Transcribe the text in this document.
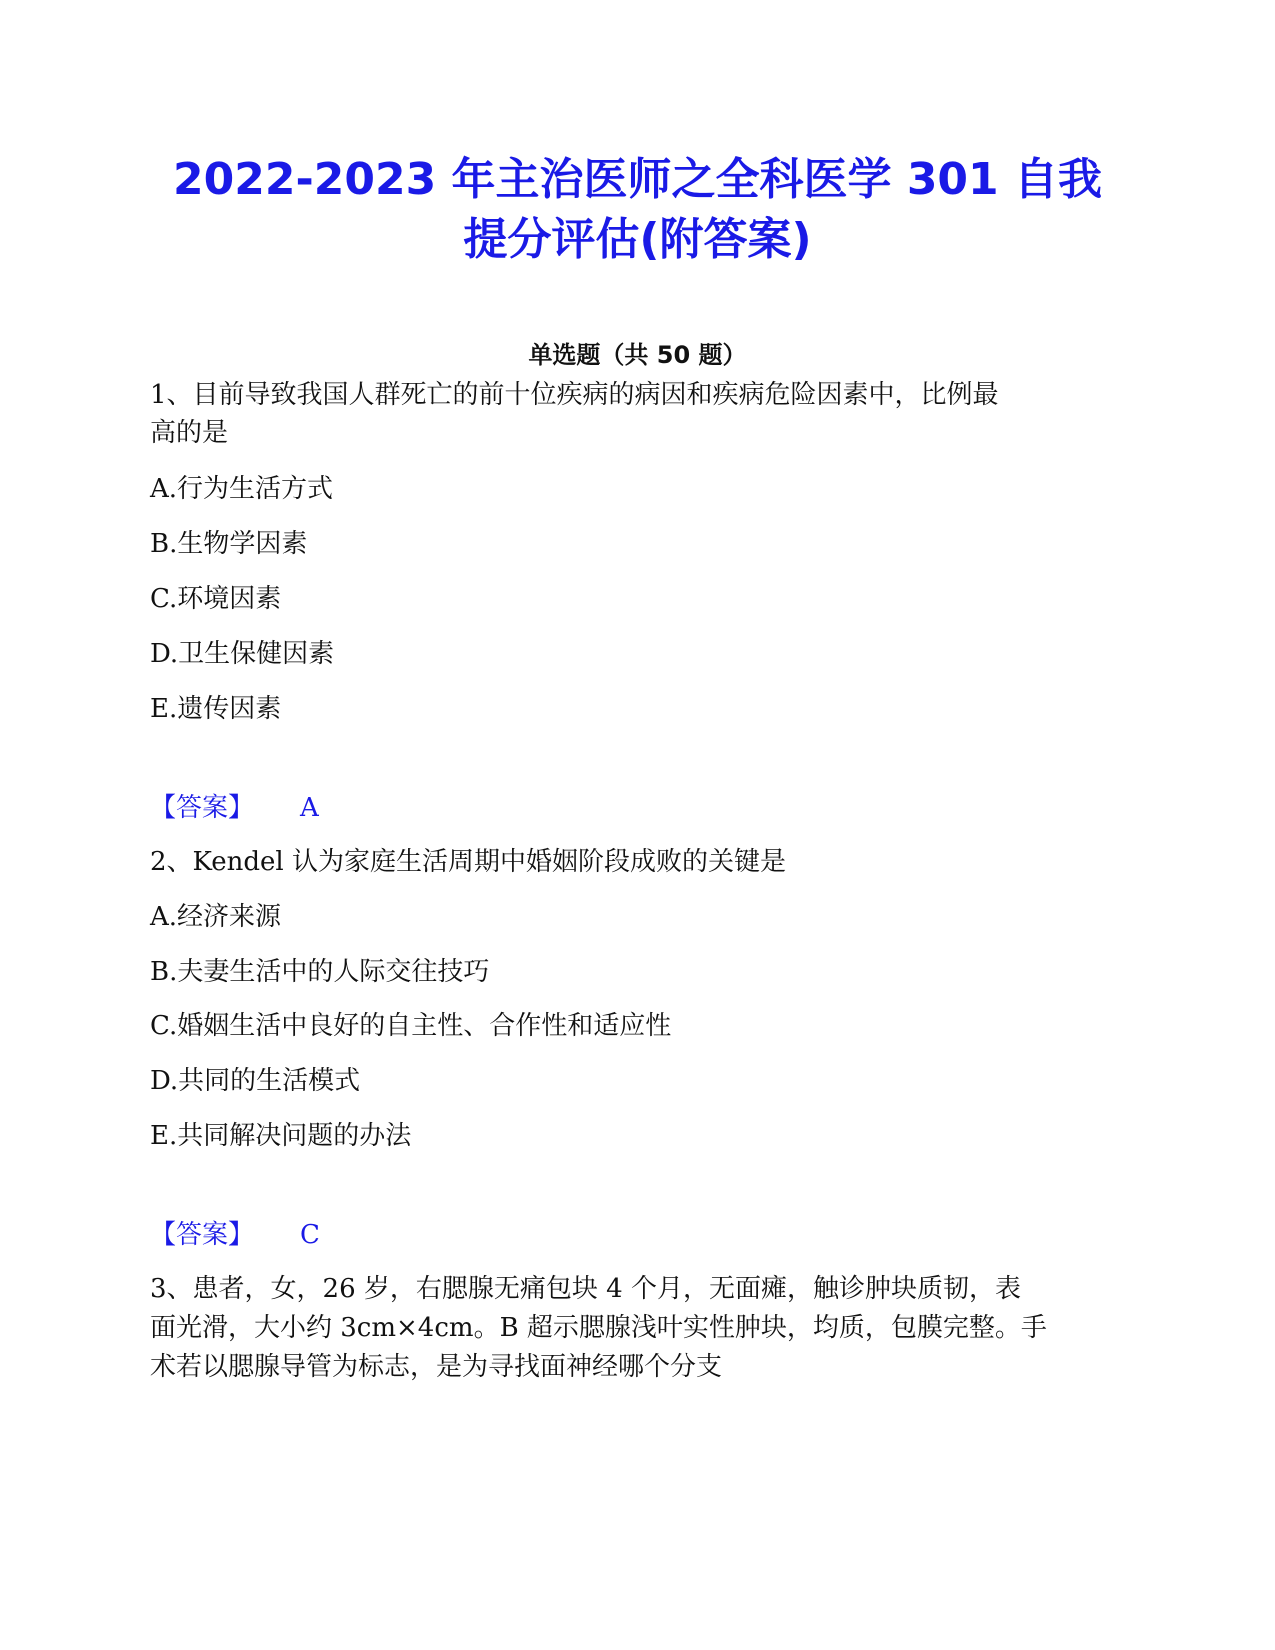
2022-2023 年主治医师之全科医学 301 自我
提分评估(附答案)
单选题（共 50 题）
1、目前导致我国人群死亡的前十位疾病的病因和疾病危险因素中，比例最
高的是
A.行为生活方式
B.生物学因素
C.环境因素
D.卫生保健因素
E.遗传因素
【答案】 A
2、Kendel 认为家庭生活周期中婚姻阶段成败的关键是
A.经济来源
B.夫妻生活中的人际交往技巧
C.婚姻生活中良好的自主性、合作性和适应性
D.共同的生活模式
E.共同解决问题的办法
【答案】 C
3、患者，女，26 岁，右腮腺无痛包块 4 个月，无面瘫，触诊肿块质韧，表
面光滑，大小约 3cm×4cm。B 超示腮腺浅叶实性肿块，均质，包膜完整。手
术若以腮腺导管为标志，是为寻找面神经哪个分支
